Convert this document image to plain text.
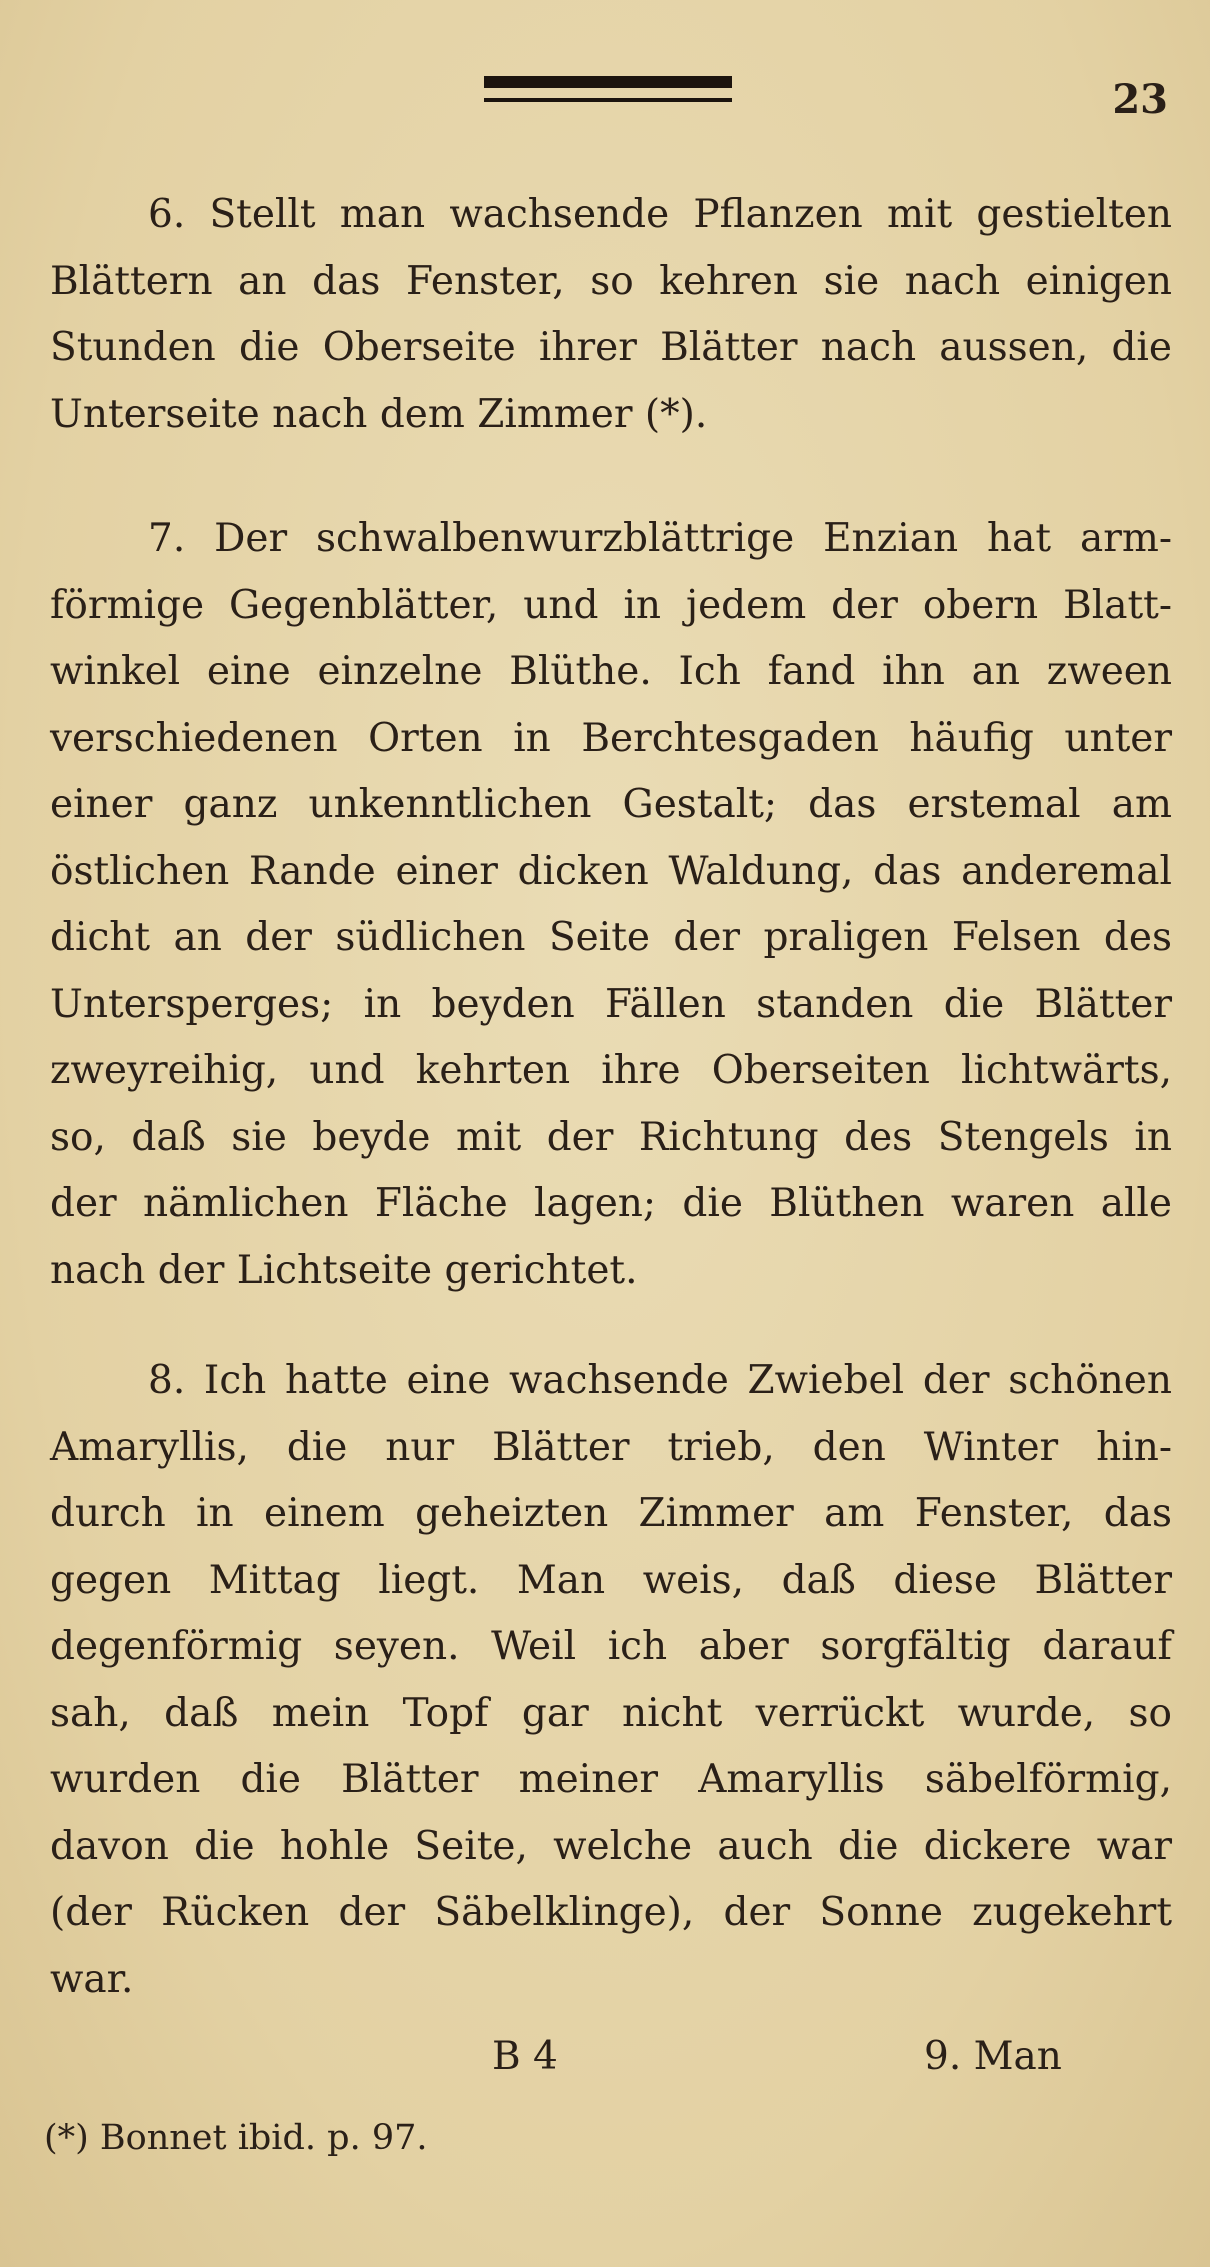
23
6. Stellt man wachsende Pflanzen mit gestielten
Blättern an das Fenster, so kehren sie nach einigen
Stunden die Oberseite ihrer Blätter nach aussen, die
Unterseite nach dem Zimmer (*).
7. Der schwalbenwurzblättrige Enzian hat arm-
förmige Gegenblätter, und in jedem der obern Blatt-
winkel eine einzelne Blüthe. Ich fand ihn an zween
verschiedenen Orten in Berchtesgaden häufig unter
einer ganz unkenntlichen Gestalt; das erstemal am
östlichen Rande einer dicken Waldung, das anderemal
dicht an der südlichen Seite der praligen Felsen des
Untersperges; in beyden Fällen standen die Blätter
zweyreihig, und kehrten ihre Oberseiten lichtwärts,
so, daß sie beyde mit der Richtung des Stengels in
der nämlichen Fläche lagen; die Blüthen waren alle
nach der Lichtseite gerichtet.
8. Ich hatte eine wachsende Zwiebel der schönen
Amaryllis, die nur Blätter trieb, den Winter hin-
durch in einem geheizten Zimmer am Fenster, das
gegen Mittag liegt. Man weis, daß diese Blätter
degenförmig seyen. Weil ich aber sorgfältig darauf
sah, daß mein Topf gar nicht verrückt wurde, so
wurden die Blätter meiner Amaryllis säbelförmig,
davon die hohle Seite, welche auch die dickere war
(der Rücken der Säbelklinge), der Sonne zugekehrt
war.
B 4	9. Man
(*) Bonnet ibid. p. 97.
